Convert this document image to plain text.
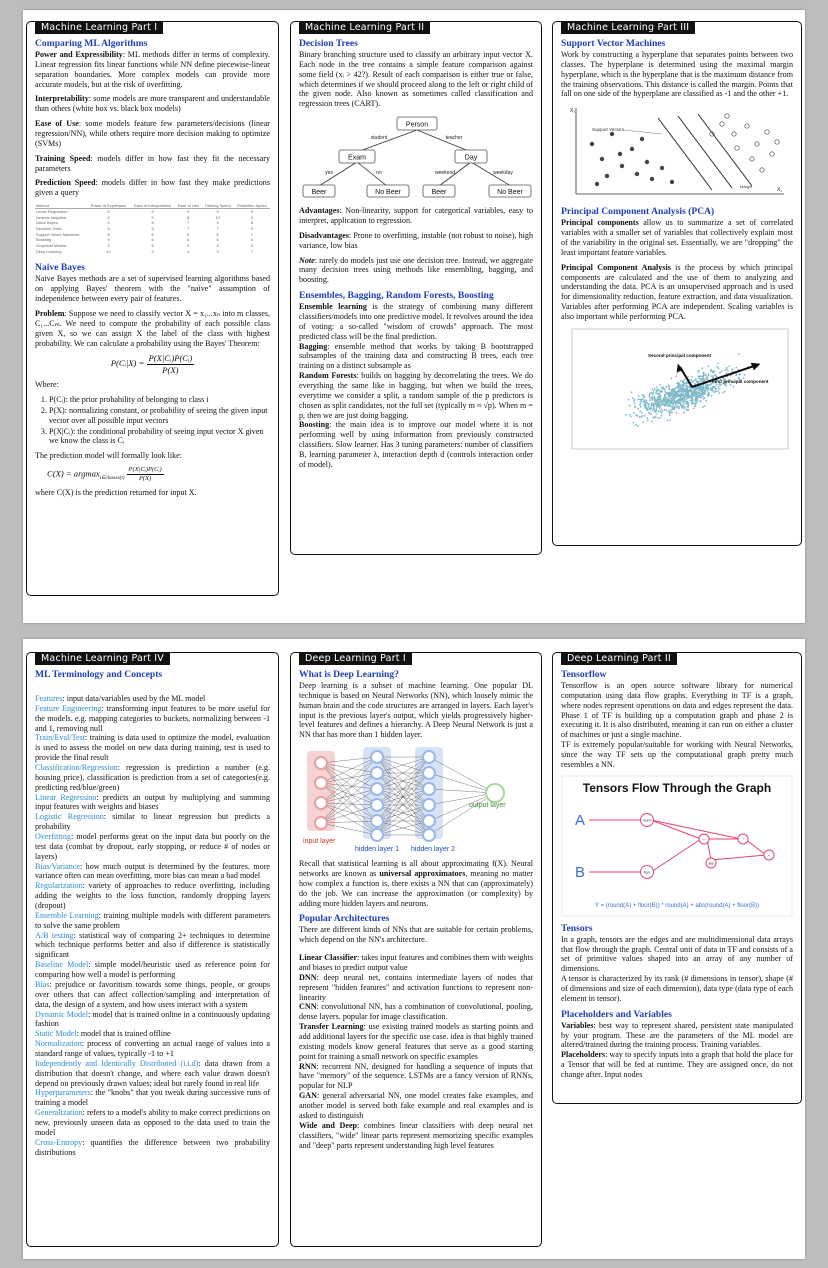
Machine Learning Part I
Comparing ML Algorithms

Power and Expressibility: ML methods differ in terms of complexity. Linear regression fits linear functions while NN define piecewise-linear separation boundaries. More complex models can provide more accurate models, but at the risk of overfitting.

Interpretability: some models are more transparent and understandable than others (white box vs. black box models)

Ease of Use: some models feature few parameters/decisions (linear regression/NN), while others require more decision making to optimize (SVMs)

Training Speed: models differ in how fast they fit the necessary parameters

Prediction Speed: models differ in how fast they make predictions given a query

Method	Power of Expression	Ease of Interpretation	Ease of Use	Training Speed	Prediction Speed
Linear Regression	5	9	9	9	9
Nearest Neighbor	5	9	8	10	2
Naive Bayes	4	8	7	9	8
Decision Trees	8	8	7	7	9
Support Vector Machines	8	6	6	6	7
Boosting	9	6	6	6	6
Graphical Models	9	8	3	4	4
Deep Learning	10	3	4	3	7
Naive Bayes

Naive Bayes methods are a set of supervised learning algorithms based on applying Bayes' theorem with the "naive" assumption of independence between every pair of features.

Problem: Suppose we need to classify vector X = x₁...xₙ into m classes, C₁...Cₘ. We need to compute the probability of each possible class given X, so we can assign X the label of the class with highest probability. We can calculate a probability using the Bayes' Theorem:

P(Cᵢ|X) = $\frac{\text{P(X|Cᵢ)P(Cᵢ)}}{P(X)}$

Where:

1. P(Cᵢ): the prior probability of belonging to class i
2. P(X): normalizing constant, or probability of seeing the given input vector over all possible input vectors
3. P(X|Cᵢ): the conditional probability of seeing input vector X given we know the class is Cᵢ

The prediction model will formally look like:

$C(X) = argmax_{i\in classes(t)} \frac{\text{P(X|Cᵢ)P(Cᵢ)}}{P(X)}$

where C(X) is the prediction returned for input X.

Machine Learning Part II
Decision Trees

Binary branching structure used to classify an arbitrary input vector X. Each node in the tree contains a simple feature comparison against some field (xᵢ > 42?). Result of each comparison is either true or false, which determines if we should proceed along to the left or right child of the given node. Also known as sometimes called classification and regression trees (CART).

Person
Exam	Day
Beer	No Beer	Beer	No Beer
student	teacher
yes	no	weekend	weekday

Advantages: Non-linearity, support for categorical variables, easy to interpret, application to regression.

Disadvantages: Prone to overfitting, instable (not robust to noise), high variance, low bias

Note: rarely do models just use one decision tree. Instead, we aggregate many decision trees using methods like ensembling, bagging, and boosting.

Ensembles, Bagging, Random Forests, Boosting

Ensemble learning is the strategy of combining many different classifiers/models into one predictive model. It revolves around the idea of voting: a so-called "wisdom of crowds" approach. The most predicted class will be the final prediction.

Bagging: ensemble method that works by taking B bootstrapped subsamples of the training data and constructing B trees, each tree training on a distinct subsample as

Random Forests: builds on bagging by decorrelating the trees. We do everything the same like in bagging, but when we build the trees, everytime we consider a split, a random sample of the p predictors is chosen as split candidates, not the full set (typically m ≈ √p). When m = p, then we are just doing bagging.

Boosting: the main idea is to improve our model where it is not performing well by using information from previously constructed classifiers. Slow learner. Has 3 tuning parameters: number of classifiers B, learning parameter λ, interaction depth d (controls interaction order of model).

Machine Learning Part III
Support Vector Machines

Work by constructing a hyperplane that separates points between two classes. The hyperplane is determined using the maximal margin hyperplane, which is the hyperplane that is the maximum distance from the training observations. This distance is called the margin. Points that fall on one side of the hyperplane are classified as -1 and the other +1.

X₂
X₁
Support Vectors
Margin
Principal Component Analysis (PCA)

Principal components allow us to summarize a set of correlated variables with a smaller set of variables that collectively explain most of the variability in the original set. Essentially, we are "dropping" the least important feature variables.

Principal Component Analysis is the process by which principal components are calculated and the use of them to analyzing and understanding the data. PCA is an unsupervised approach and is used for dimensionality reduction, feature extraction, and data visualization. Variables after performing PCA are independent. Scaling variables is also important while performing PCA.

Second principal component
First principal component
Machine Learning Part IV
ML Terminology and Concepts

Features: input data/variables used by the ML model

Feature Engineering: transforming input features to be more useful for the models. e.g. mapping categories to buckets, normalizing between -1 and 1, removing null

Train/Eval/Test: training is data used to optimize the model, evaluation is used to assess the model on new data during training, test is used to provide the final result

Classification/Regression: regression is prediction a number (e.g. housing price), classification is prediction from a set of categories(e.g. predicting red/blue/green)

Linear Regression: predicts an output by multiplying and summing input features with weights and biases

Logistic Regression: similar to linear regression but predicts a probability

Overfitting: model performs great on the input data but poorly on the test data (combat by dropout, early stopping, or reduce # of nodes or layers)

Bias/Variance: how much output is determined by the features. more variance often can mean overfitting, more bias can mean a bad model

Regularization: variety of approaches to reduce overfitting, including adding the weights to the loss function, randomly dropping layers (dropout)

Ensemble Learning: training multiple models with different parameters to solve the same problem

A/B testing: statistical way of comparing 2+ techniques to determine which technique performs better and also if difference is statistically significant

Baseline Model: simple model/heuristic used as reference point for comparing how well a model is performing

Bias: prejudice or favoritism towards some things, people, or groups over others that can affect collection/sampling and interpretation of data, the design of a system, and how users interact with a system

Dynamic Model: model that is trained online in a continuously updating fashion

Static Model: model that is trained offline

Normalization: process of converting an actual range of values into a standard range of values, typically -1 to +1

Independently and Identically Distributed (i.i.d): data drawn from a distribution that doesn't change, and where each value drawn doesn't depend on previously drawn values; ideal but rarely found in real life

Hyperparameters: the "knobs" that you tweak during successive runs of training a model

Generalization: refers to a model's ability to make correct predictions on new, previously unseen data as opposed to the data used to train the model

Cross-Entropy: quantifies the difference between two probability distributions

Deep Learning Part I
What is Deep Learning?

Deep learning is a subset of machine learning. One popular DL technique is based on Neural Networks (NN), which loosely mimic the human brain and the code structures are arranged in layers. Each layer's input is the previous layer's output, which yields progressively higher-level features and defines a hierarchy. A Deep Neural Network is just a NN that has more than 1 hidden layer.

input layer
hidden layer 1 hidden layer 2
output layer

Recall that statistical learning is all about approximating f(X). Neural networks are known as universal approximators, meaning no matter how complex a function is, there exists a NN that can (approximately) do the job. We can increase the approximation (or complexity) by adding more hidden layers and neurons.

Popular Architectures

There are different kinds of NNs that are suitable for certain problems, which depend on the NN's architecture.

Linear Classifier: takes input features and combines them with weights and biases to predict output value

DNN: deep neural net, contains intermediate layers of nodes that represent "hidden features" and activation functions to represent non-linearity

CNN: convolutional NN, has a combination of convolutional, pooling, dense layers. popular for image classification.

Transfer Learning: use existing trained models as starting points and add additional layers for the specific use case. idea is that highly trained existing models know general features that serve as a good starting point for training a small network on specific examples

RNN: recurrent NN, designed for handling a sequence of inputs that have "memory" of the sequence. LSTMs are a fancy version of RNNs, popular for NLP

GAN: general adversarial NN, one model creates fake examples, and another model is served both fake example and real examples and is asked to distinguish

Wide and Deep: combines linear classifiers with deep neural net classifiers, "wide" linear parts represent memorizing specific examples and "deep" parts represent understanding high level features

Deep Learning Part II
Tensorflow

Tensorflow is an open source software library for numerical computation using data flow graphs. Everything in TF is a graph, where nodes represent operations on data and edges represent the data. Phase 1 of TF is building up a computation graph and phase 2 is executing it. It is also distributed, meaning it can run on either a cluster of machines or just a single machine.

TF is extremely popular/suitable for working with Neural Networks, since the way TF sets up the computational graph pretty much resembles a NN.

Tensors Flow Through the Graph
round
floor
+
abs
*
+
A
B
Y = (round(A) + floor(B)) * round(A) + abs(round(A) + floor(B))
Tensors

In a graph, tensors are the edges and are multidimensional data arrays that flow through the graph. Central unit of data in TF and consists of a set of primitive values shaped into an array of any number of dimensions.

A tensor is characterized by its rank (# dimensions in tensor), shape (# of dimensions and size of each dimension), data type (data type of each element in tensor).

Placeholders and Variables

Variables: best way to represent shared, persistent state manipulated by your program. These are the parameters of the ML model are altered/trained during the training process. Training variables.

Placeholders: way to specify inputs into a graph that hold the place for a Tensor that will be fed at runtime. They are assigned once, do not change after. Input nodes
